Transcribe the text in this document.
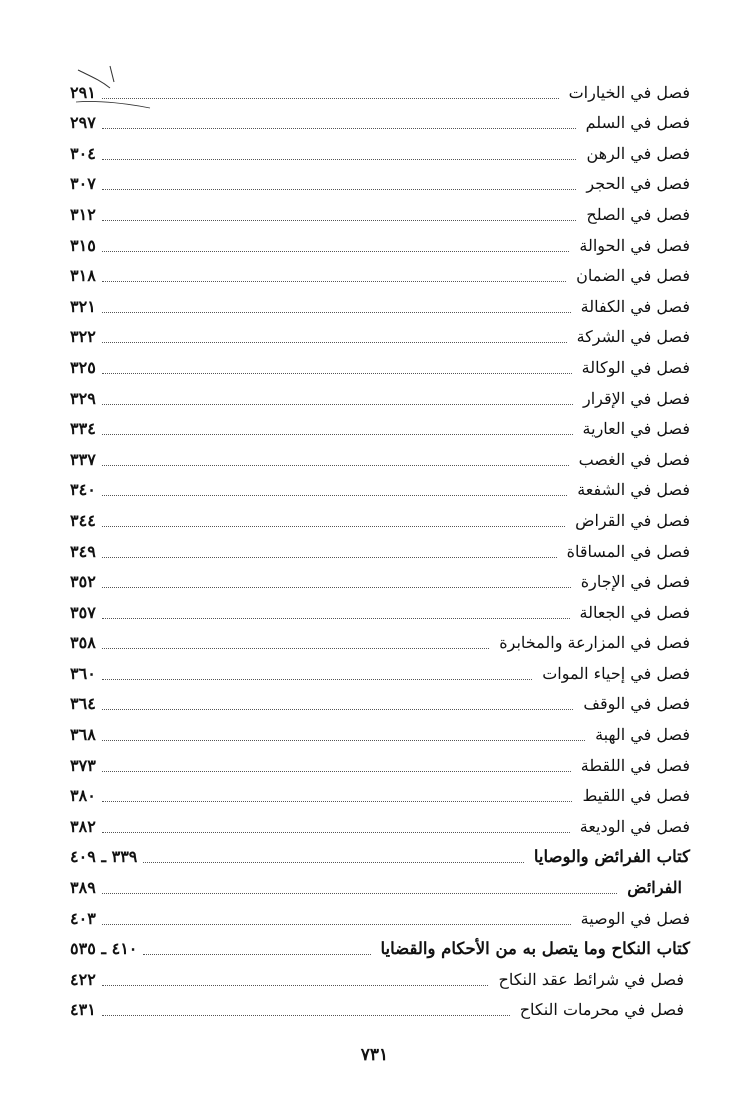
فصل في الخيارات
٢٩١
فصل في السلم
٢٩٧
فصل في الرهن
٣٠٤
فصل في الحجر
٣٠٧
فصل في الصلح
٣١٢
فصل في الحوالة
٣١٥
فصل في الضمان
٣١٨
فصل في الكفالة
٣٢١
فصل في الشركة
٣٢٢
فصل في الوكالة
٣٢٥
فصل في الإقرار
٣٢٩
فصل في العارية
٣٣٤
فصل في الغصب
٣٣٧
فصل في الشفعة
٣٤٠
فصل في القراض
٣٤٤
فصل في المساقاة
٣٤٩
فصل في الإجارة
٣٥٢
فصل في الجعالة
٣٥٧
فصل في المزارعة والمخابرة
٣٥٨
فصل في إحياء الموات
٣٦٠
فصل في الوقف
٣٦٤
فصل في الهبة
٣٦٨
فصل في اللقطة
٣٧٣
فصل في اللقيط
٣٨٠
فصل في الوديعة
٣٨٢
كتاب الفرائض والوصايا
٣٣٩ ـ ٤٠٩
الفرائض
٣٨٩
فصل في الوصية
٤٠٣
كتاب النكاح وما يتصل به من الأحكام والقضايا
٤١٠ ـ ٥٣٥
فصل في شرائط عقد النكاح
٤٢٢
فصل في محرمات النكاح
٤٣١
٧٣١
